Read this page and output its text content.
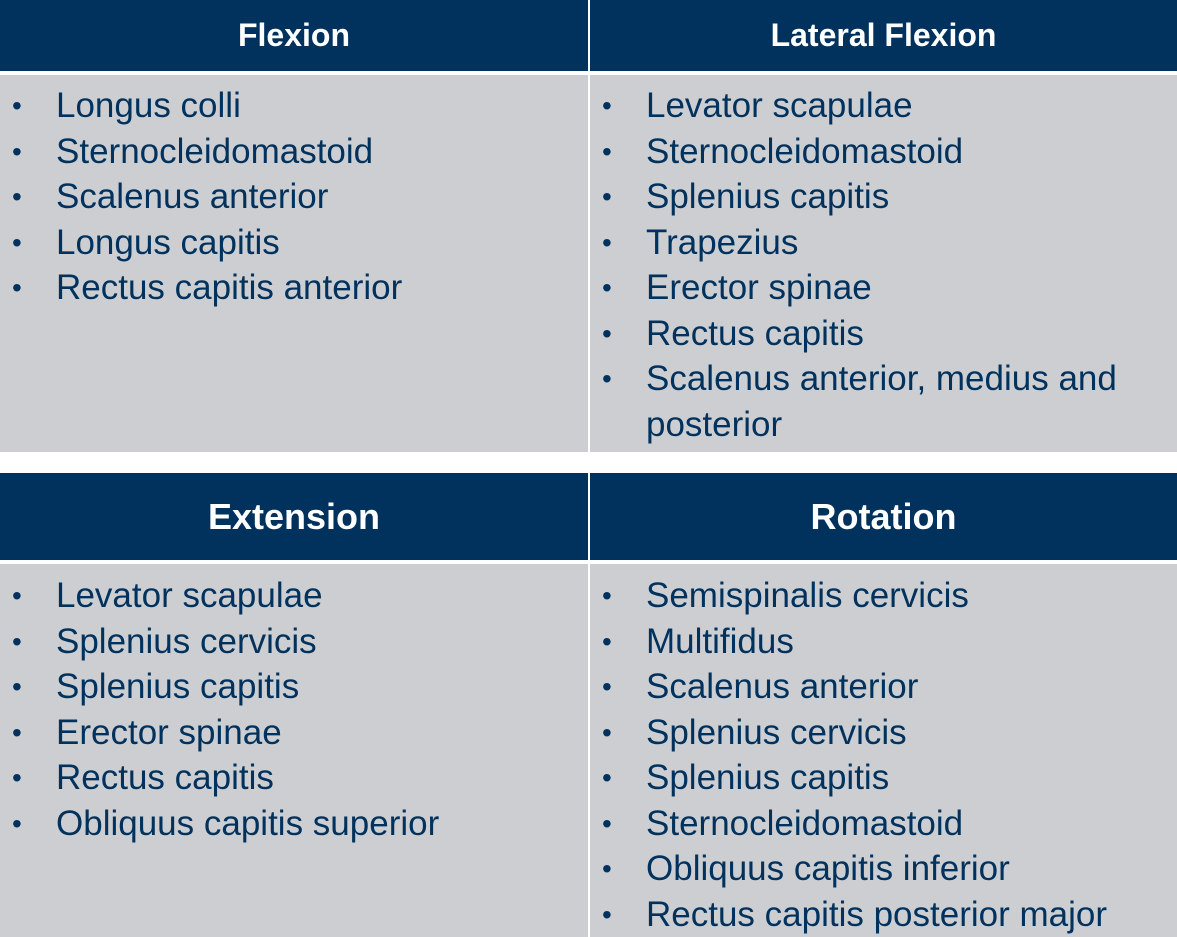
Flexion	Lateral Flexion
• Longus colli
• Sternocleidomastoid
• Scalenus anterior
• Longus capitis
• Rectus capitis anterior
• Levator scapulae
• Sternocleidomastoid
• Splenius capitis
• Trapezius
• Erector spinae
• Rectus capitis
• Scalenus anterior, medius and posterior
Extension	Rotation
• Levator scapulae
• Splenius cervicis
• Splenius capitis
• Erector spinae
• Rectus capitis
• Obliquus capitis superior
• Semispinalis cervicis
• Multifidus
• Scalenus anterior
• Splenius cervicis
• Splenius capitis
• Sternocleidomastoid
• Obliquus capitis inferior
• Rectus capitis posterior major
